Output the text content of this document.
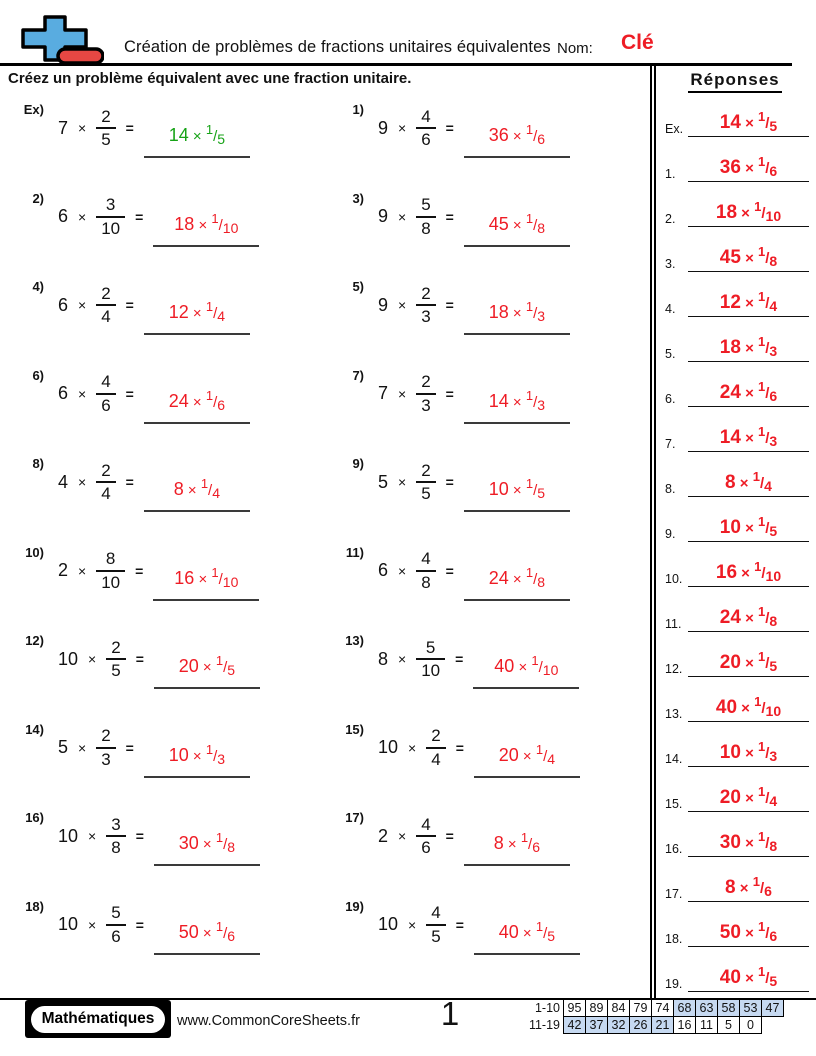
Création de problèmes de fractions unitaires équivalentes Nom: Clé
Créez un problème équivalent avec une fraction unitaire.	Réponses
Ex.	$14 \times ^1/_5$
1.	$36 \times ^1/_6$
2.	$18 \times ^1/_{10}$
3.	$45 \times ^1/_8$
4.	$12 \times ^1/_4$
5.	$18 \times ^1/_3$
6.	$24 \times ^1/_6$
7.	$14 \times ^1/_3$
8.	$8 \times ^1/_4$
9.	$10 \times ^1/_5$
10.	$16 \times ^1/_{10}$
11.	$24 \times ^1/_8$
12.	$20 \times ^1/_5$
13.	$40 \times ^1/_{10}$
14.	$10 \times ^1/_3$
15.	$20 \times ^1/_4$
16.	$30 \times ^1/_8$
17.	$8 \times ^1/_6$
18.	$50 \times ^1/_6$
19.	$40 \times ^1/_5$
Ex)
$7 \times \frac{2}{5}$ =	$14 \times ^1/_5$
1)
$9 \times \frac{4}{6}$ =	$36 \times ^1/_6$
2)
$6 \times \frac{3}{10}$ =	$18 \times ^1/_{10}$
3)
$9 \times \frac{5}{8}$ =	$45 \times ^1/_8$
4)
$6 \times \frac{2}{4}$ =	$12 \times ^1/_4$
5)
$9 \times \frac{2}{3}$ =	$18 \times ^1/_3$
6)
$6 \times \frac{4}{6}$ =	$24 \times ^1/_6$
7)
$7 \times \frac{2}{3}$ =	$14 \times ^1/_3$
8)
$4 \times \frac{2}{4}$ =	$8 \times ^1/_4$
9)
$5 \times \frac{2}{5}$ =	$10 \times ^1/_5$
10)
$2 \times \frac{8}{10}$ =	$16 \times ^1/_{10}$
11)
$6 \times \frac{4}{8}$ =	$24 \times ^1/_8$
12)
$10 \times \frac{2}{5}$ =	$20 \times ^1/_5$
13)
$8 \times \frac{5}{10}$ =	$40 \times ^1/_{10}$
14)
$5 \times \frac{2}{3}$ =	$10 \times ^1/_3$
15)
$10 \times \frac{2}{4}$ =	$20 \times ^1/_4$
16)
$10 \times \frac{3}{8}$ =	$30 \times ^1/_8$
17)
$2 \times \frac{4}{6}$ =	$8 \times ^1/_6$
18)
$10 \times \frac{5}{6}$ =	$50 \times ^1/_6$
19)
$10 \times \frac{4}{5}$ =	$40 \times ^1/_5$
Mathématiques	www.CommonCoreSheets.fr	1	1-10 95 89 84 79 74 68 63 58 53 47
11-19 42 37 32 26 21 16 11 5	0
